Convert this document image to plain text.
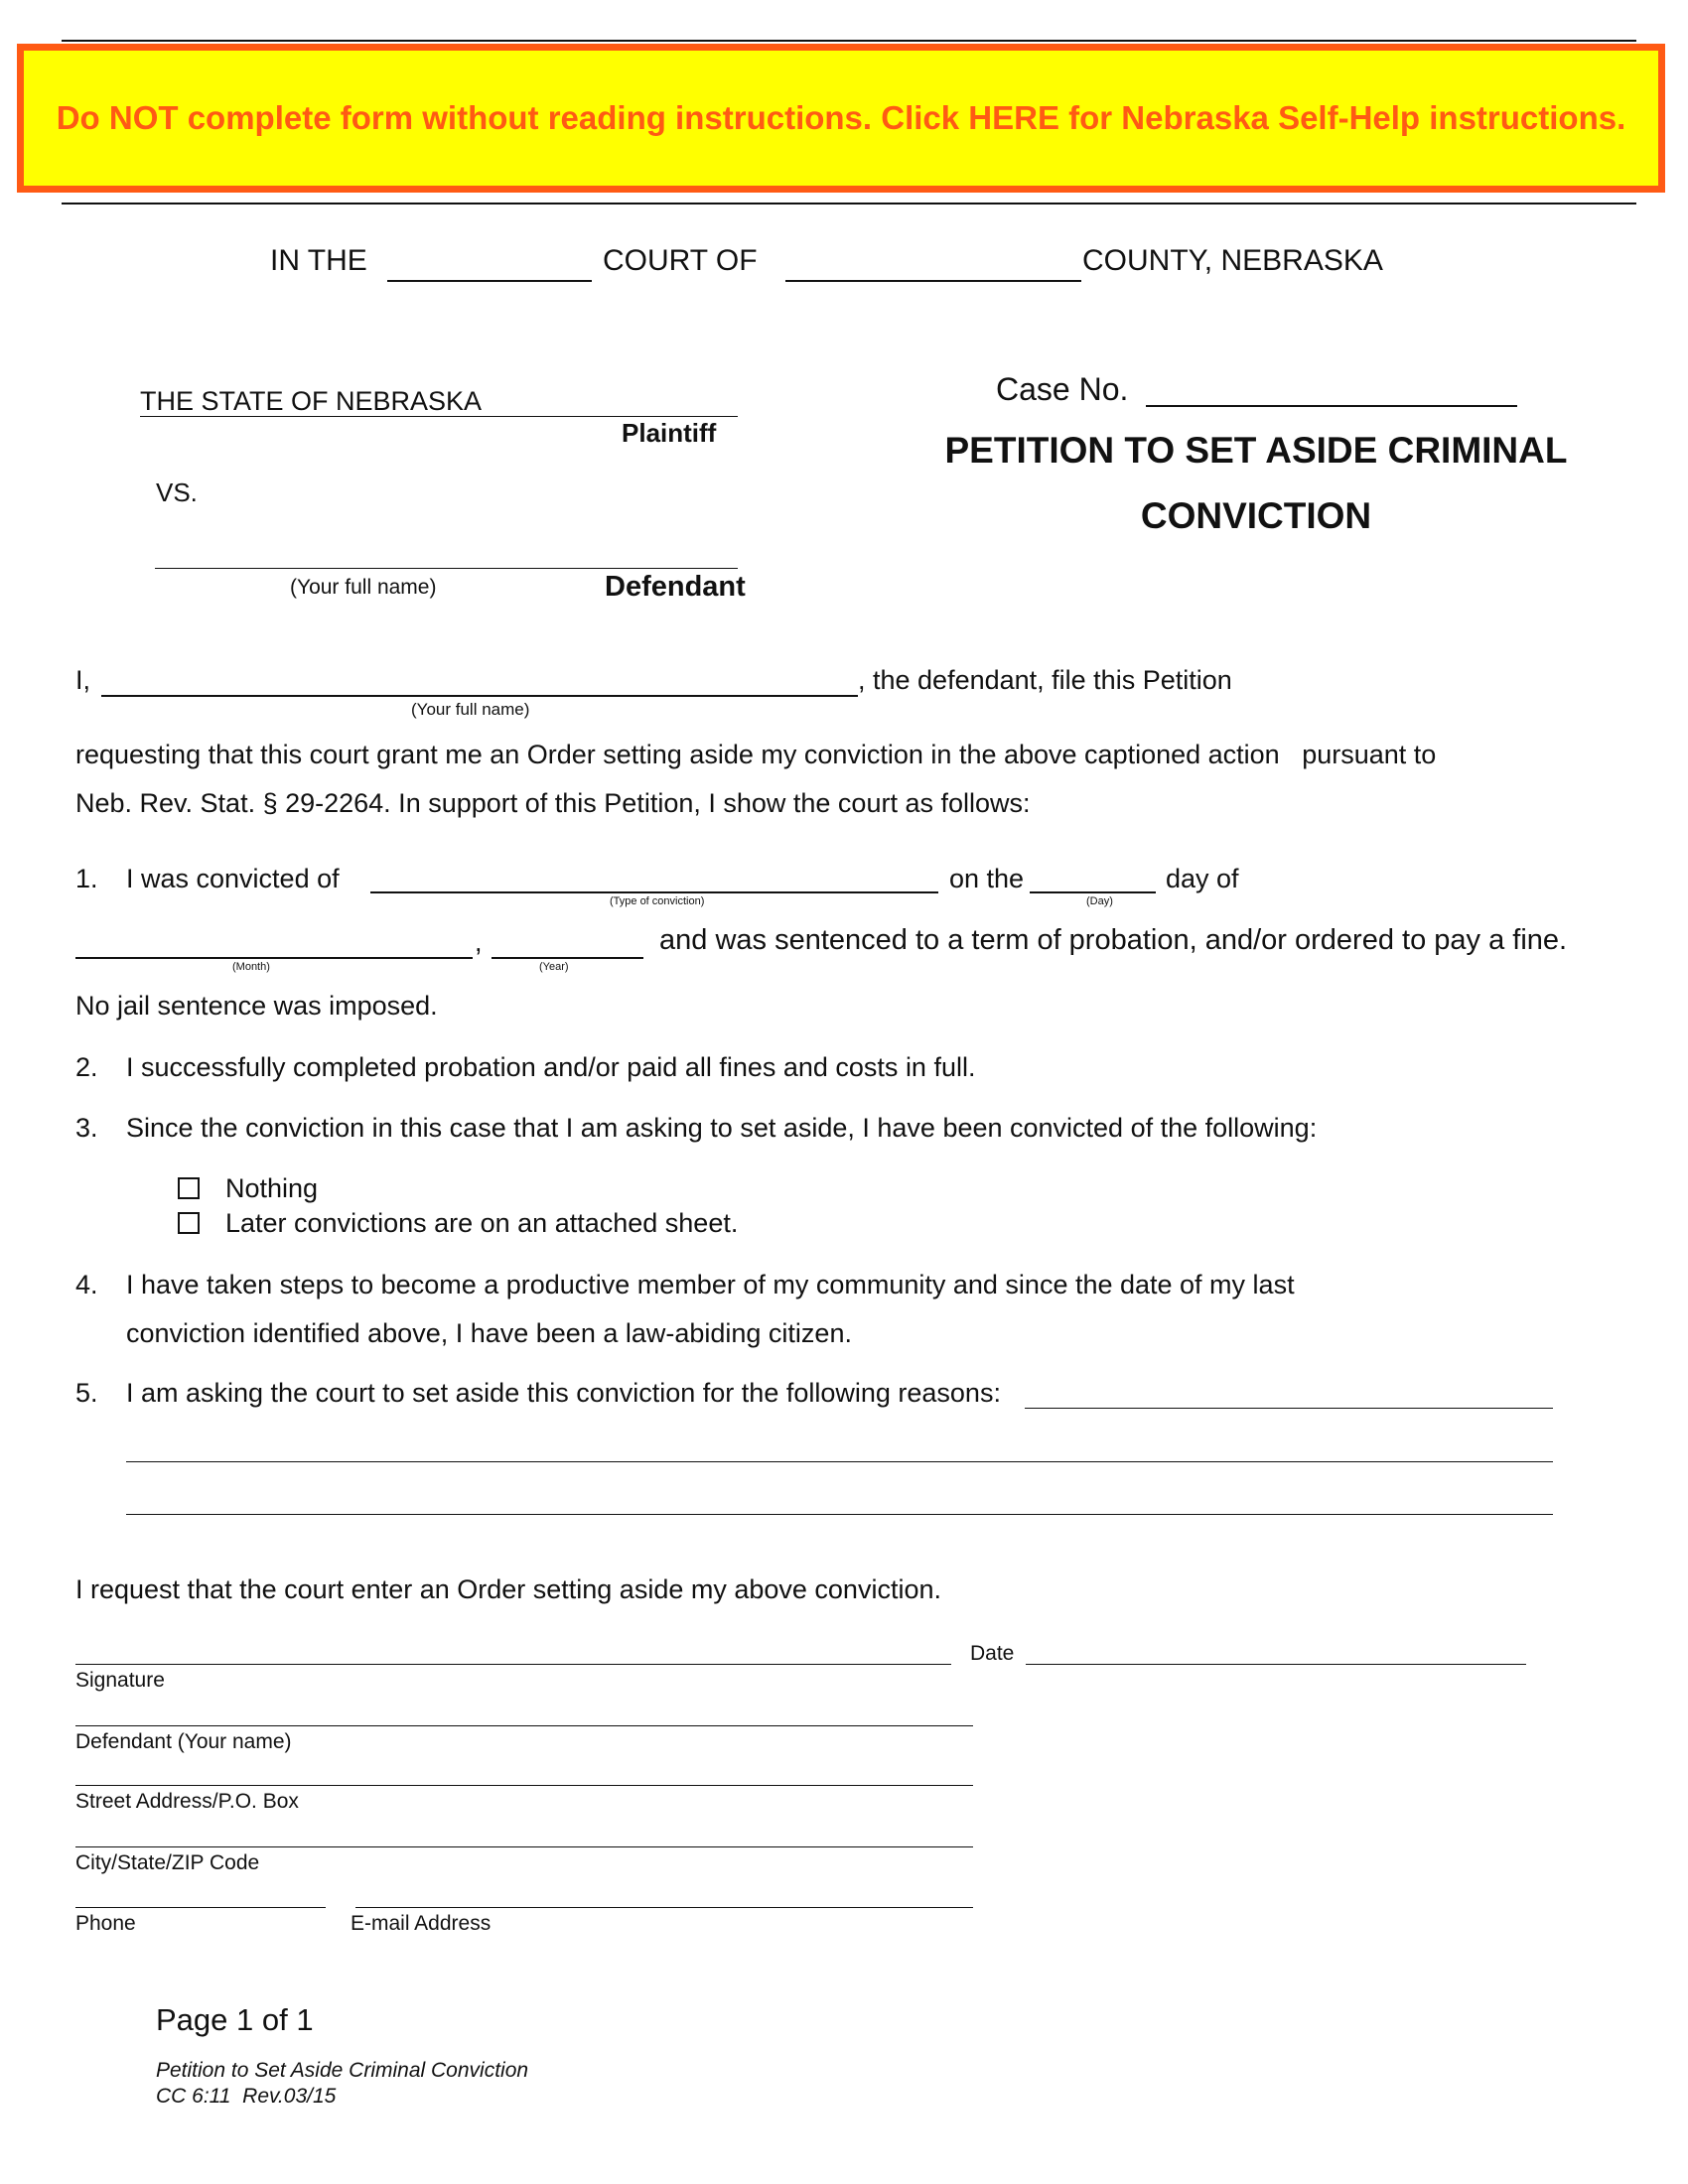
Do NOT complete form without reading instructions. Click HERE for Nebraska Self-Help instructions.
IN THE	COURT OF	COUNTY, NEBRASKA
THE STATE OF NEBRASKA
Plaintiff
VS.
(Your full name)	Defendant
Case No.
PETITION TO SET ASIDE CRIMINAL
CONVICTION
I,
(Your full name)
, the defendant, file this Petition
requesting that this court grant me an Order setting aside my conviction in the above captioned action   pursuant to
Neb. Rev. Stat. § 29-2264. In support of this Petition, I show the court as follows:
1. I was convicted of
(Type of conviction)
on the
(Day)
day of
(Month)
,
(Year)
and was sentenced to a term of probation, and/or ordered to pay a fine.
No jail sentence was imposed.
2. I successfully completed probation and/or paid all fines and costs in full.
3. Since the conviction in this case that I am asking to set aside, I have been convicted of the following:
Nothing
Later convictions are on an attached sheet.
4. I have taken steps to become a productive member of my community and since the date of my last
conviction identified above, I have been a law-abiding citizen.
5. I am asking the court to set aside this conviction for the following reasons:
I request that the court enter an Order setting aside my above conviction.
Date
Signature
Defendant (Your name)
Street Address/P.O. Box
City/State/ZIP Code
Phone	E-mail Address
Page 1 of 1
Petition to Set Aside Criminal Conviction
CC 6:11  Rev.03/15
